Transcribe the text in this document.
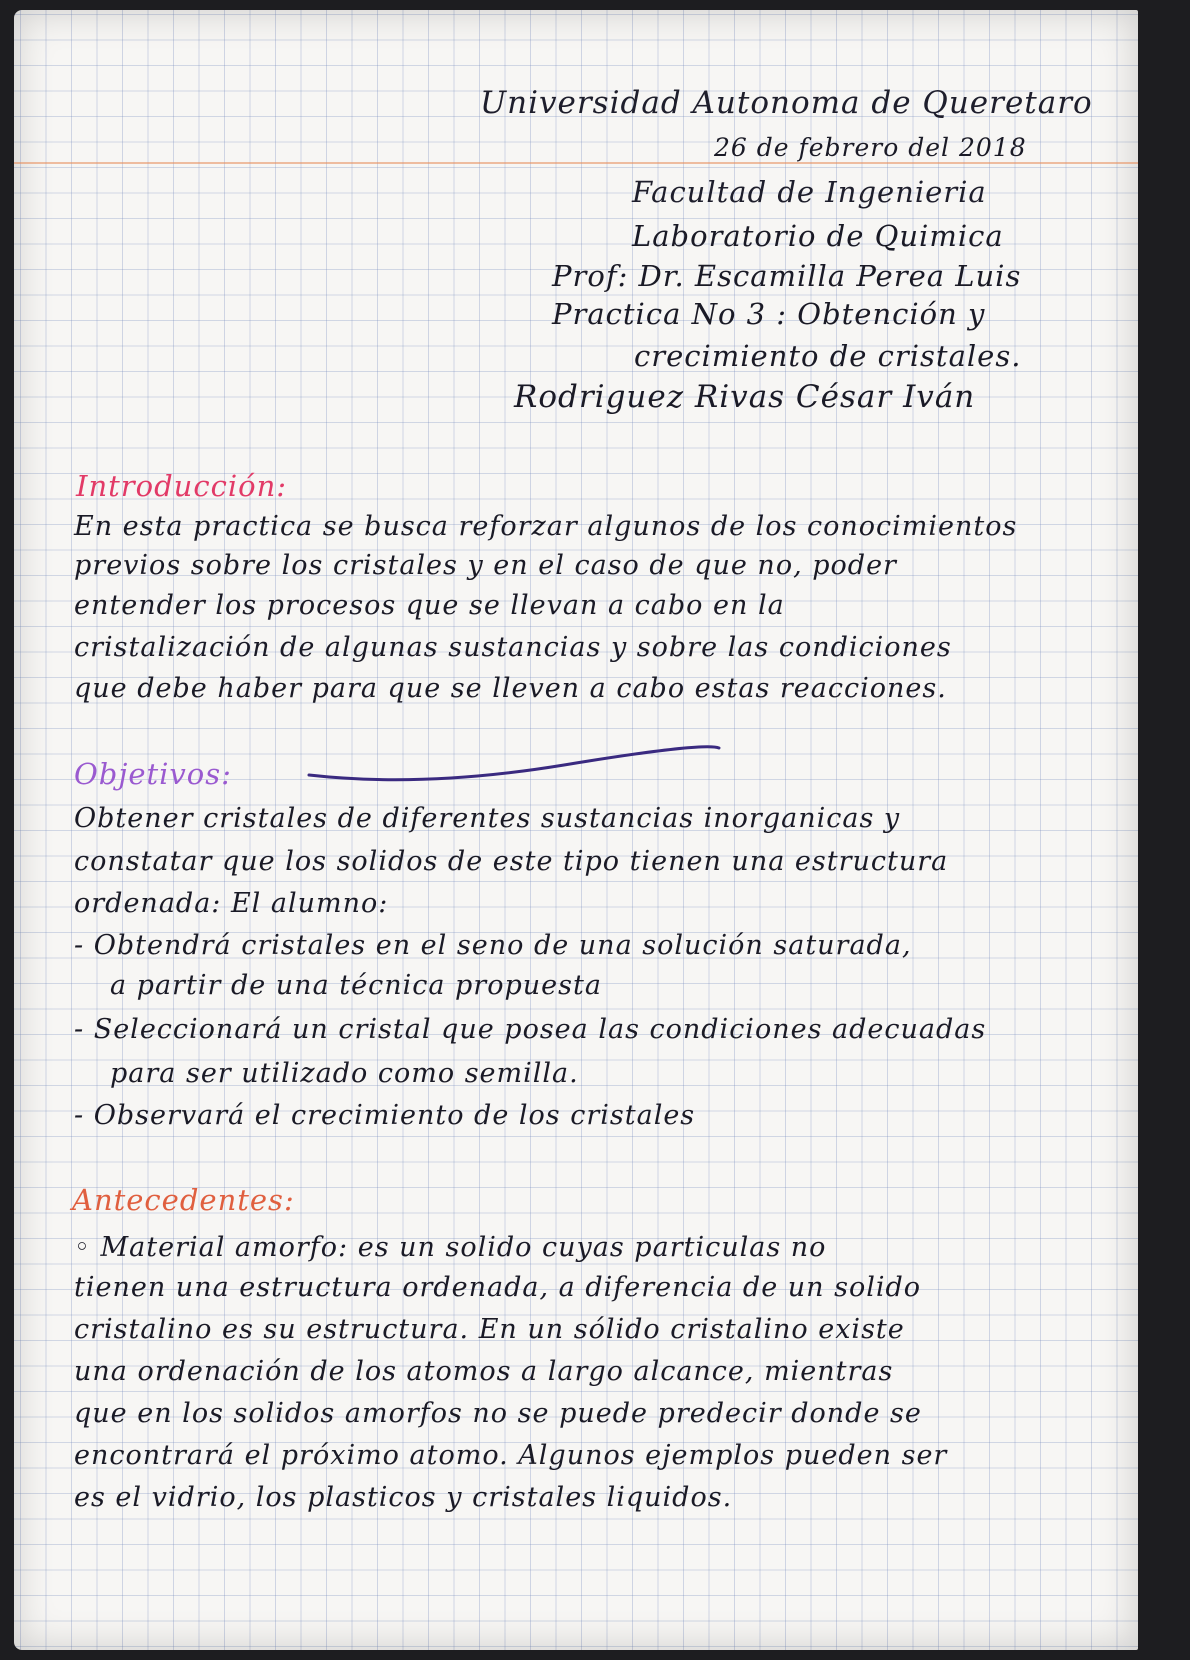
Universidad Autonoma de Queretaro
26 de febrero del 2018
Facultad de Ingenieria
Laboratorio de Quimica
Prof: Dr. Escamilla Perea Luis
Practica No 3 : Obtención y
crecimiento de cristales.
Rodriguez Rivas César Iván
Introducción:
En esta practica se busca reforzar algunos de los conocimientos
previos sobre los cristales y en el caso de que no, poder
entender los procesos que se llevan a cabo en la
cristalización de algunas sustancias y sobre las condiciones
que debe haber para que se lleven a cabo estas reacciones.
Objetivos:
Obtener cristales de diferentes sustancias inorganicas y
constatar que los solidos de este tipo tienen una estructura
ordenada: El alumno:
- Obtendrá cristales en el seno de una solución saturada,
a partir de una técnica propuesta
- Seleccionará un cristal que posea las condiciones adecuadas
para ser utilizado como semilla.
- Observará el crecimiento de los cristales
Antecedentes:
◦ Material amorfo: es un solido cuyas particulas no
tienen una estructura ordenada, a diferencia de un solido
cristalino es su estructura. En un sólido cristalino existe
una ordenación de los atomos a largo alcance, mientras
que en los solidos amorfos no se puede predecir donde se
encontrará el próximo atomo. Algunos ejemplos pueden ser
es el vidrio, los plasticos y cristales liquidos.
